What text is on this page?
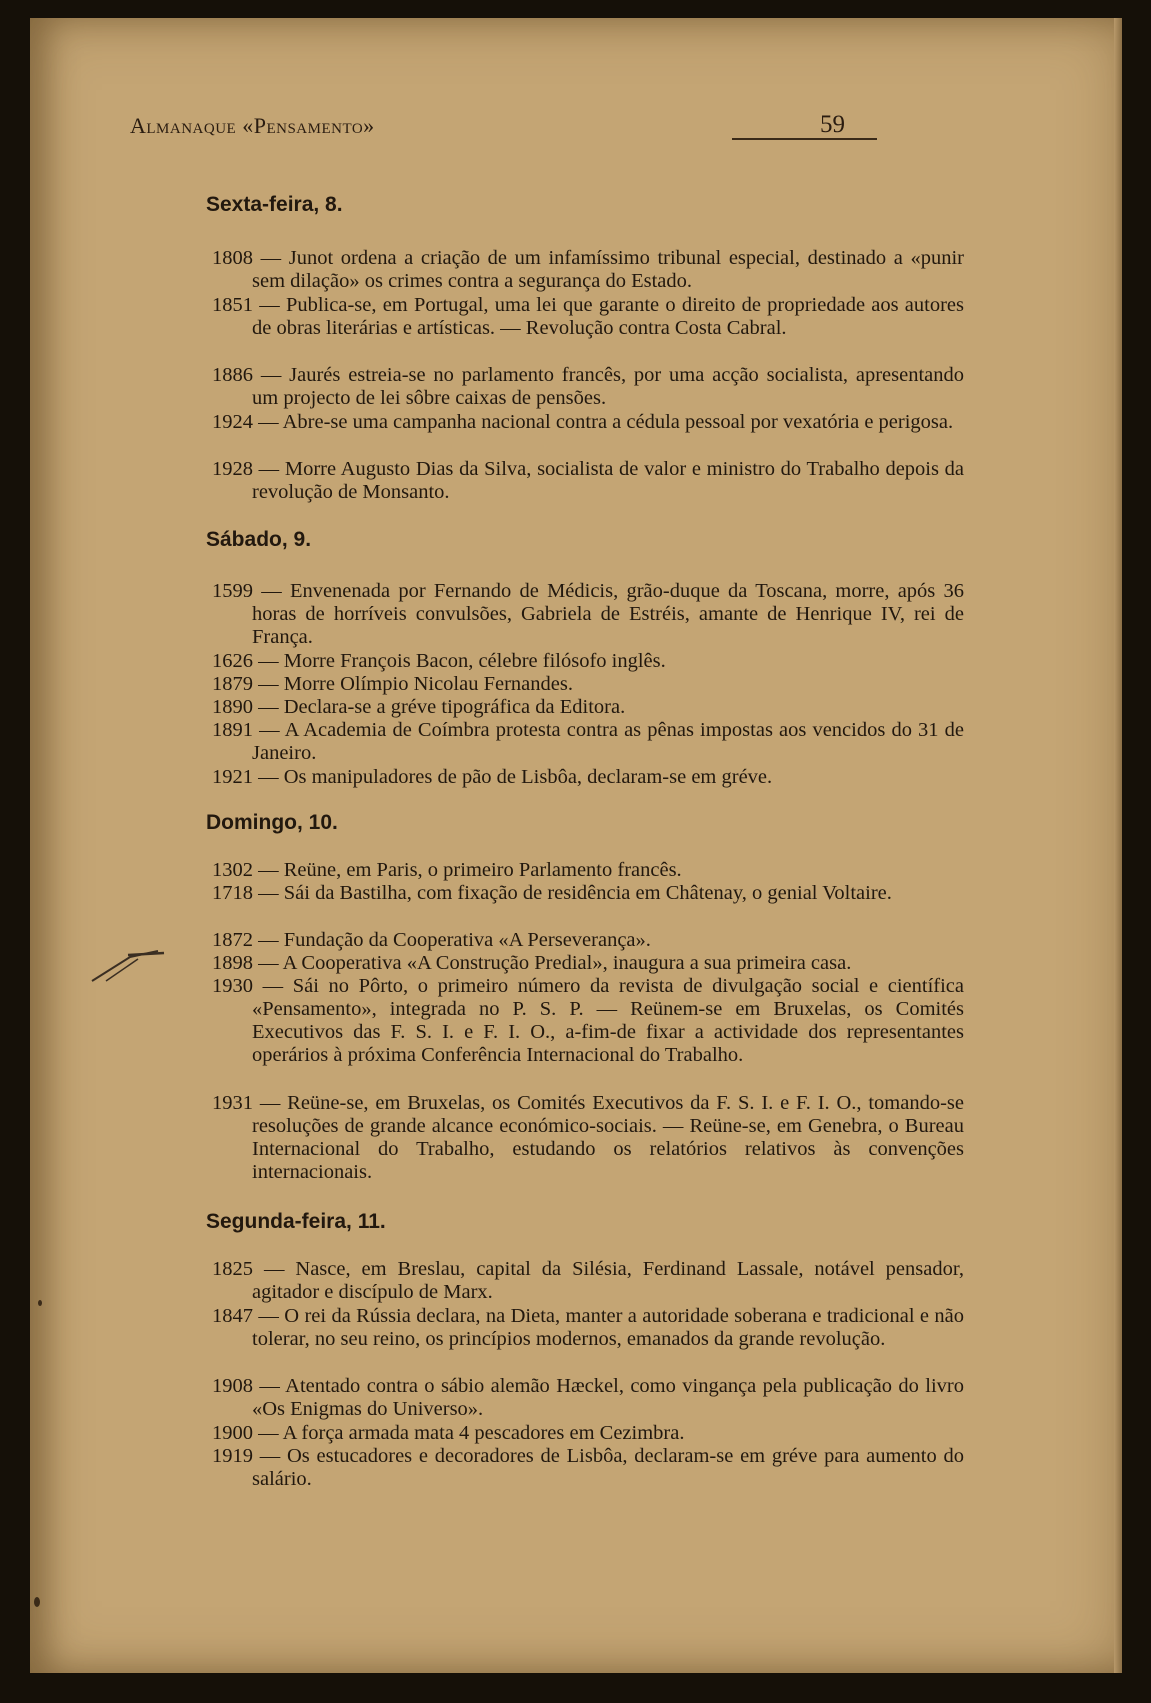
Almanaque «Pensamento»	59
Sexta-feira, 8.
1808 — Junot ordena a criação de um infamíssimo tribunal especial, destinado a «punir sem dilação» os crimes contra a segurança do Estado.
1851 — Publica-se, em Portugal, uma lei que garante o direito de propriedade aos autores de obras literárias e artísticas. — Revolução contra Costa Cabral.
1886 — Jaurés estreia-se no parlamento francês, por uma acção socialista, apresentando um projecto de lei sôbre caixas de pensões.
1924 — Abre-se uma campanha nacional contra a cédula pessoal por vexatória e perigosa.
1928 — Morre Augusto Dias da Silva, socialista de valor e ministro do Trabalho depois da revolução de Monsanto.
Sábado, 9.
1599 — Envenenada por Fernando de Médicis, grão-duque da Toscana, morre, após 36 horas de horríveis convulsões, Gabriela de Estréis, amante de Henrique IV, rei de França.
1626 — Morre François Bacon, célebre filósofo inglês.
1879 — Morre Olímpio Nicolau Fernandes.
1890 — Declara-se a gréve tipográfica da Editora.
1891 — A Academia de Coímbra protesta contra as pênas impostas aos vencidos do 31 de Janeiro.
1921 — Os manipuladores de pão de Lisbôa, declaram-se em gréve.
Domingo, 10.
1302 — Reüne, em Paris, o primeiro Parlamento francês.
1718 — Sái da Bastilha, com fixação de residência em Châtenay, o genial Voltaire.
1872 — Fundação da Cooperativa «A Perseverança».
1898 — A Cooperativa «A Construção Predial», inaugura a sua primeira casa.
1930 — Sái no Pôrto, o primeiro número da revista de divulgação social e científica «Pensamento», integrada no P. S. P. — Reünem-se em Bruxelas, os Comités Executivos das F. S. I. e F. I. O., a-fim-de fixar a actividade dos representantes operários à próxima Conferência Internacional do Trabalho.
1931 — Reüne-se, em Bruxelas, os Comités Executivos da F. S. I. e F. I. O., tomando-se resoluções de grande alcance económico-sociais. — Reüne-se, em Genebra, o Bureau Internacional do Trabalho, estudando os relatórios relativos às convenções internacionais.
Segunda-feira, 11.
1825 — Nasce, em Breslau, capital da Silésia, Ferdinand Lassale, notável pensador, agitador e discípulo de Marx.
1847 — O rei da Rússia declara, na Dieta, manter a autoridade soberana e tradicional e não tolerar, no seu reino, os princípios modernos, emanados da grande revolução.
1908 — Atentado contra o sábio alemão Hæckel, como vingança pela publicação do livro «Os Enigmas do Universo».
1900 — A força armada mata 4 pescadores em Cezimbra.
1919 — Os estucadores e decoradores de Lisbôa, declaram-se em gréve para aumento do salário.
